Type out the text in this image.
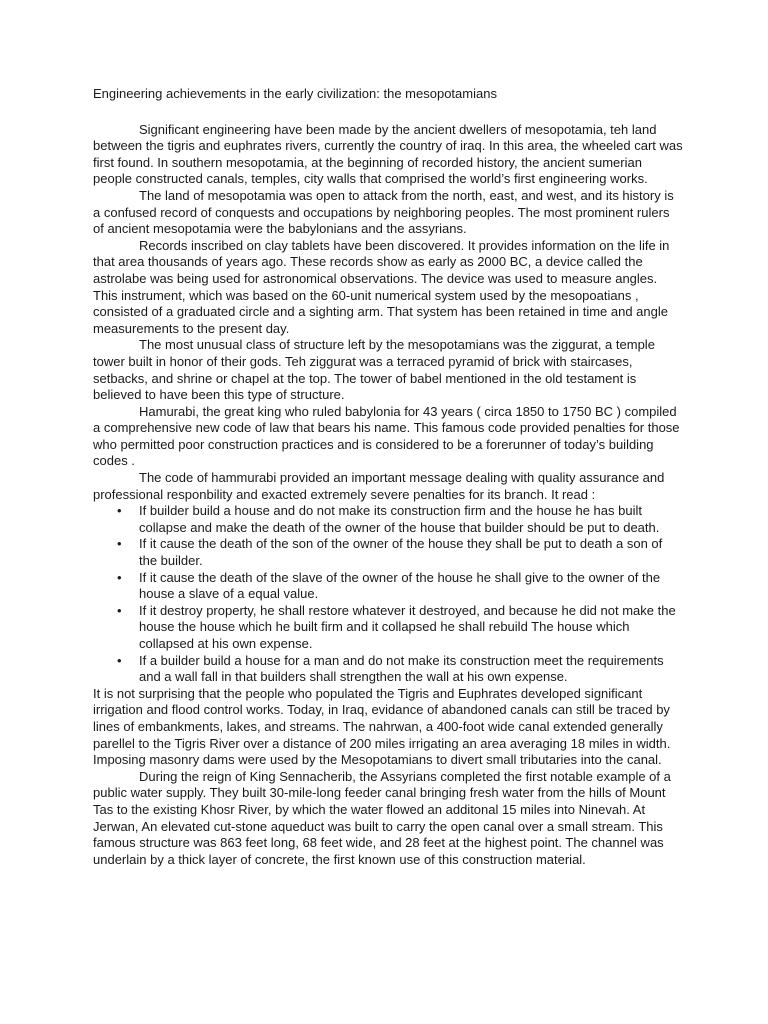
Engineering achievements in the early civilization: the mesopotamians

Significant engineering have been made by the ancient dwellers of mesopotamia, teh land between the tigris and euphrates rivers, currently the country of iraq. In this area, the wheeled cart was first found. In southern mesopotamia, at the beginning of recorded history, the ancient sumerian people constructed canals, temples, city walls that comprised the world’s first engineering works.

The land of mesopotamia was open to attack from the north, east, and west, and its history is a confused record of conquests and occupations by neighboring peoples. The most prominent rulers of ancient mesopotamia were the babylonians and the assyrians.

Records inscribed on clay tablets have been discovered. It provides information on the life in that area thousands of years ago. These records show as early as 2000 BC, a device called the astrolabe was being used for astronomical observations. The device was used to measure angles. This instrument, which was based on the 60-unit numerical system used by the mesopoatians , consisted of a graduated circle and a sighting arm. That system has been retained in time and angle measurements to the present day.

The most unusual class of structure left by the mesopotamians was the ziggurat, a temple tower built in honor of their gods. Teh ziggurat was a terraced pyramid of brick with staircases, setbacks, and shrine or chapel at the top. The tower of babel mentioned in the old testament is believed to have been this type of structure.

Hamurabi, the great king who ruled babylonia for 43 years ( circa 1850 to 1750 BC ) compiled a comprehensive new code of law that bears his name. This famous code provided penalties for those who permitted poor construction practices and is considered to be a forerunner of today’s building codes .

The code of hammurabi provided an important message dealing with quality assurance and professional responbility and exacted extremely severe penalties for its branch. It read :

• If builder build a house and do not make its construction firm and the house he has built collapse and make the death of the owner of the house that builder should be put to death.
• If it cause the death of the son of the owner of the house they shall be put to death a son of the builder.
• If it cause the death of the slave of the owner of the house he shall give to the owner of the house a slave of a equal value.
• If it destroy property, he shall restore whatever it destroyed, and because he did not make the house the house which he built firm and it collapsed he shall rebuild The house which collapsed at his own expense.
• If a builder build a house for a man and do not make its construction meet the requirements and a wall fall in that builders shall strengthen the wall at his own expense.

It is not surprising that the people who populated the Tigris and Euphrates developed significant irrigation and flood control works. Today, in Iraq, evidance of abandoned canals can still be traced by lines of embankments, lakes, and streams. The nahrwan, a 400-foot wide canal extended generally parellel to the Tigris River over a distance of 200 miles irrigating an area averaging 18 miles in width. Imposing masonry dams were used by the Mesopotamians to divert small tributaries into the canal.

During the reign of King Sennacherib, the Assyrians completed the first notable example of a public water supply. They built 30-mile-long feeder canal bringing fresh water from the hills of Mount Tas to the existing Khosr River, by which the water flowed an additonal 15 miles into Ninevah. At Jerwan, An elevated cut-stone aqueduct was built to carry the open canal over a small stream. This famous structure was 863 feet long, 68 feet wide, and 28 feet at the highest point. The channel was underlain by a thick layer of concrete, the first known use of this construction material.
